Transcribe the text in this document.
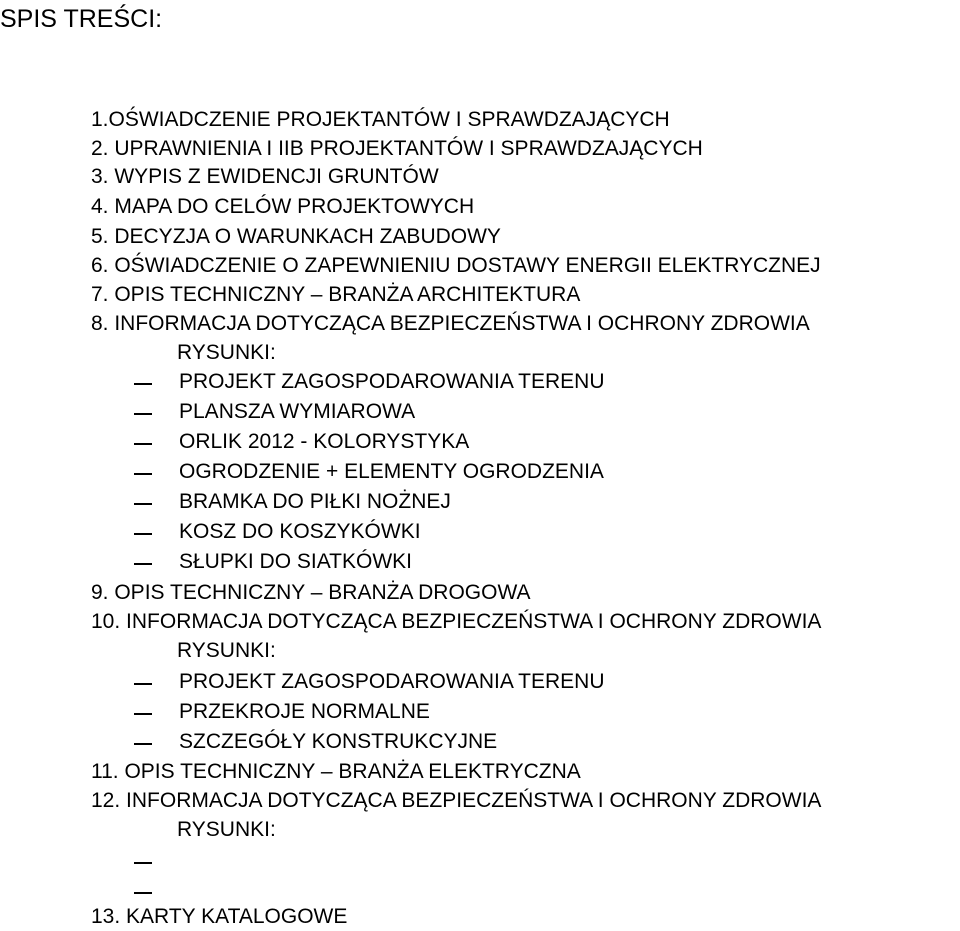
SPIS TREŚCI:
1.OŚWIADCZENIE PROJEKTANTÓW I SPRAWDZAJĄCYCH
2. UPRAWNIENIA I IIB PROJEKTANTÓW I SPRAWDZAJĄCYCH
3. WYPIS Z EWIDENCJI GRUNTÓW
4. MAPA DO CELÓW PROJEKTOWYCH
5. DECYZJA O WARUNKACH ZABUDOWY
6. OŚWIADCZENIE O ZAPEWNIENIU DOSTAWY ENERGII ELEKTRYCZNEJ
7. OPIS TECHNICZNY – BRANŻA ARCHITEKTURA
8. INFORMACJA DOTYCZĄCA BEZPIECZEŃSTWA I OCHRONY ZDROWIA
RYSUNKI:
PROJEKT ZAGOSPODAROWANIA TERENU
PLANSZA WYMIAROWA
ORLIK 2012 - KOLORYSTYKA
OGRODZENIE + ELEMENTY OGRODZENIA
BRAMKA DO PIŁKI NOŻNEJ
KOSZ DO KOSZYKÓWKI
SŁUPKI DO SIATKÓWKI
9. OPIS TECHNICZNY – BRANŻA DROGOWA
10. INFORMACJA DOTYCZĄCA BEZPIECZEŃSTWA I OCHRONY ZDROWIA
RYSUNKI:
PROJEKT ZAGOSPODAROWANIA TERENU
PRZEKROJE NORMALNE
SZCZEGÓŁY KONSTRUKCYJNE
11. OPIS TECHNICZNY – BRANŻA ELEKTRYCZNA
12. INFORMACJA DOTYCZĄCA BEZPIECZEŃSTWA I OCHRONY ZDROWIA
RYSUNKI:
13. KARTY KATALOGOWE
